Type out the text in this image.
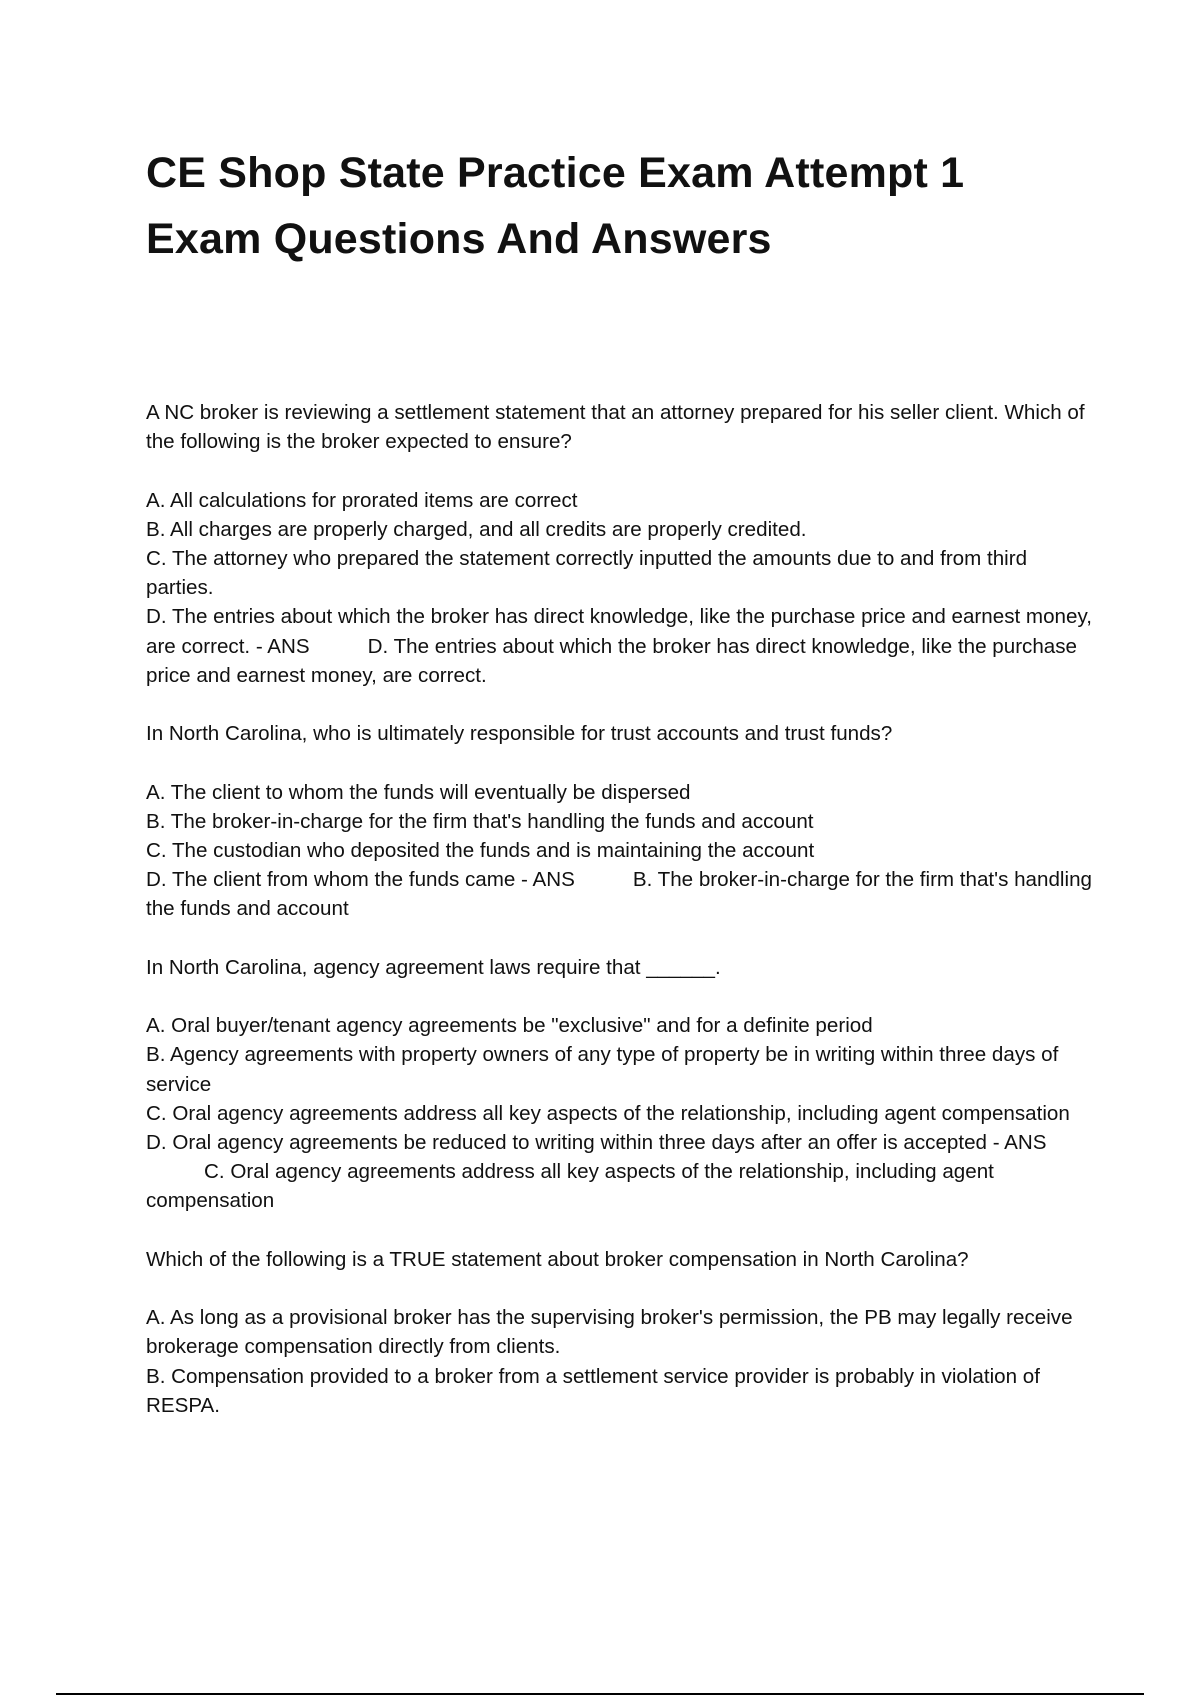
CE Shop State Practice Exam Attempt 1
Exam Questions And Answers

A NC broker is reviewing a settlement statement that an attorney prepared for his seller client. Which of the following is the broker expected to ensure?

A. All calculations for prorated items are correct

B. All charges are properly charged, and all credits are properly credited.

C. The attorney who prepared the statement correctly inputted the amounts due to and from third parties.

D. The entries about which the broker has direct knowledge, like the purchase price and earnest money, are correct. - ANS	D. The entries about which the broker has direct knowledge, like the purchase price and earnest money, are correct.

In North Carolina, who is ultimately responsible for trust accounts and trust funds?

A. The client to whom the funds will eventually be dispersed

B. The broker-in-charge for the firm that's handling the funds and account

C. The custodian who deposited the funds and is maintaining the account

D. The client from whom the funds came - ANS	B. The broker-in-charge for the firm that's handling the funds and account

In North Carolina, agency agreement laws require that ______.

A. Oral buyer/tenant agency agreements be "exclusive" and for a definite period

B. Agency agreements with property owners of any type of property be in writing within three days of service

C. Oral agency agreements address all key aspects of the relationship, including agent compensation

D. Oral agency agreements be reduced to writing within three days after an offer is accepted - ANSC. Oral agency agreements address all key aspects of the relationship, including agent compensation

Which of the following is a TRUE statement about broker compensation in North Carolina?

A. As long as a provisional broker has the supervising broker's permission, the PB may legally receive brokerage compensation directly from clients.

B. Compensation provided to a broker from a settlement service provider is probably in violation of RESPA.
